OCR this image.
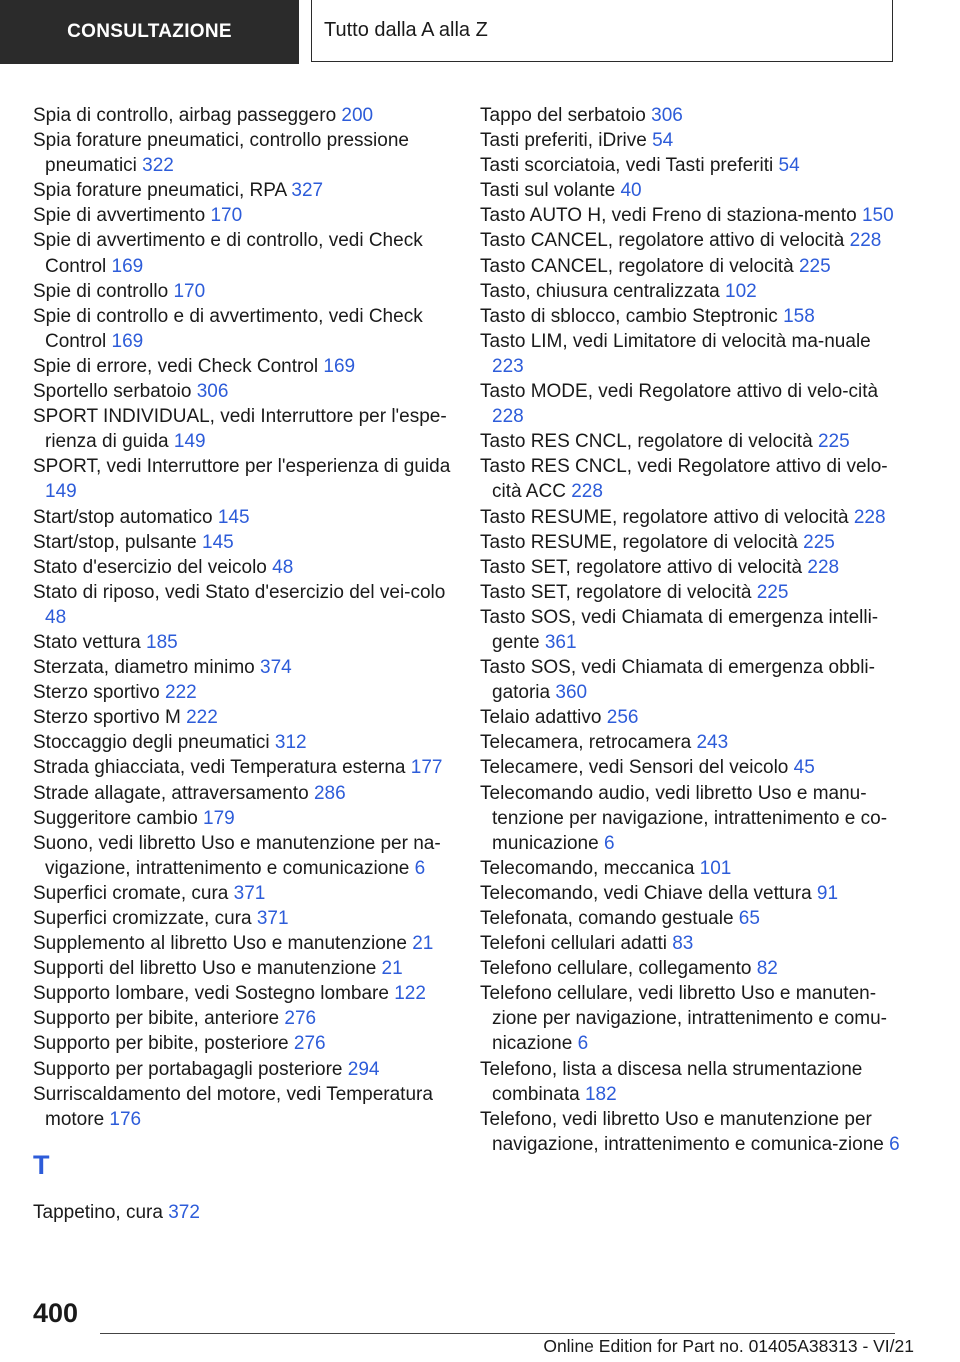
CONSULTAZIONE	Tutto dalla A alla Z

Spia di controllo, airbag passeggero 200

Spia forature pneumatici, controllo pressione pneumatici 322

Spia forature pneumatici, RPA 327

Spie di avvertimento 170

Spie di avvertimento e di controllo, vedi Check Control 169

Spie di controllo 170

Spie di controllo e di avvertimento, vedi Check Control 169

Spie di errore, vedi Check Control 169

Sportello serbatoio 306

SPORT INDIVIDUAL, vedi Interruttore per l'espe-rienza di guida 149

SPORT, vedi Interruttore per l'esperienza di guida 149

Start/stop automatico 145

Start/stop, pulsante 145

Stato d'esercizio del veicolo 48

Stato di riposo, vedi Stato d'esercizio del vei-colo 48

Stato vettura 185

Sterzata, diametro minimo 374

Sterzo sportivo 222

Sterzo sportivo M 222

Stoccaggio degli pneumatici 312

Strada ghiacciata, vedi Temperatura esterna 177

Strade allagate, attraversamento 286

Suggeritore cambio 179

Suono, vedi libretto Uso e manutenzione per na-vigazione, intrattenimento e comunicazione 6

Superfici cromate, cura 371

Superfici cromizzate, cura 371

Supplemento al libretto Uso e manutenzione 21

Supporti del libretto Uso e manutenzione 21

Supporto lombare, vedi Sostegno lombare 122

Supporto per bibite, anteriore 276

Supporto per bibite, posteriore 276

Supporto per portabagagli posteriore 294

Surriscaldamento del motore, vedi Temperatura motore 176

T

Tappetino, cura 372

Tappo del serbatoio 306

Tasti preferiti, iDrive 54

Tasti scorciatoia, vedi Tasti preferiti 54

Tasti sul volante 40

Tasto AUTO H, vedi Freno di staziona-mento 150

Tasto CANCEL, regolatore attivo di velocità 228

Tasto CANCEL, regolatore di velocità 225

Tasto, chiusura centralizzata 102

Tasto di sblocco, cambio Steptronic 158

Tasto LIM, vedi Limitatore di velocità ma-nuale 223

Tasto MODE, vedi Regolatore attivo di velo-cità 228

Tasto RES CNCL, regolatore di velocità 225

Tasto RES CNCL, vedi Regolatore attivo di velo-cità ACC 228

Tasto RESUME, regolatore attivo di velocità 228

Tasto RESUME, regolatore di velocità 225

Tasto SET, regolatore attivo di velocità 228

Tasto SET, regolatore di velocità 225

Tasto SOS, vedi Chiamata di emergenza intelli-gente 361

Tasto SOS, vedi Chiamata di emergenza obbli-gatoria 360

Telaio adattivo 256

Telecamera, retrocamera 243

Telecamere, vedi Sensori del veicolo 45

Telecomando audio, vedi libretto Uso e manu-tenzione per navigazione, intrattenimento e co-municazione 6

Telecomando, meccanica 101

Telecomando, vedi Chiave della vettura 91

Telefonata, comando gestuale 65

Telefoni cellulari adatti 83

Telefono cellulare, collegamento 82

Telefono cellulare, vedi libretto Uso e manuten-zione per navigazione, intrattenimento e comu-nicazione 6

Telefono, lista a discesa nella strumentazione combinata 182

Telefono, vedi libretto Uso e manutenzione per navigazione, intrattenimento e comunica-zione 6

400
Online Edition for Part no. 01405A38313 - VI/21
